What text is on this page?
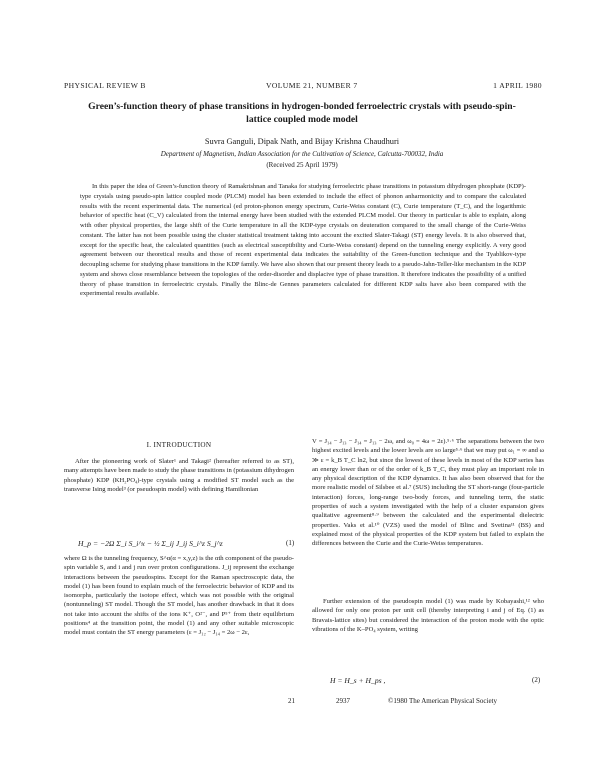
PHYSICAL REVIEW B	VOLUME 21, NUMBER 7	1 APRIL 1980
Green’s-function theory of phase transitions in hydrogen-bonded ferroelectric crystals with pseudo-spin-lattice coupled mode model
Suvra Ganguli, Dipak Nath, and Bijay Krishna Chaudhuri
Department of Magnetism, Indian Association for the Cultivation of Science, Calcutta-700032, India
(Received 25 April 1979)

In this paper the idea of Green’s-function theory of Ramakrishnan and Tanaka for studying ferroelectric phase transitions in potassium dihydrogen phosphate (KDP)-type crystals using pseudo-spin lattice coupled mode (PLCM) model has been extended to include the effect of phonon anharmonicity and to compare the calculated results with the recent experimental data. The numerical (ed proton-phonon energy spectrum, Curie-Weiss constant (C), Curie temperature (T_C), and the logarithmic behavior of specific heat (C_V) calculated from the internal energy have been studied with the extended PLCM model. Our theory in particular is able to explain, along with other physical properties, the large shift of the Curie temperature in all the KDP-type crystals on deuteration compared to the small change of the Curie-Weiss constant. The latter has not been possible using the cluster statistical treatment taking into account the excited Slater-Takagi (ST) energy levels. It is also observed that, except for the specific heat, the calculated quantities (such as electrical susceptibility and Curie-Weiss constant) depend on the tunneling energy explicitly. A very good agreement between our theoretical results and those of recent experimental data indicates the suitability of the Green-function technique and the Tyablikov-type decoupling scheme for studying phase transitions in the KDP family. We have also shown that our present theory leads to a pseudo-Jahn-Teller-like mechanism in the KDP system and shows close resemblance between the topologies of the order-disorder and displacive type of phase transition. It therefore indicates the possibility of a unified theory of phase transition in ferroelectric crystals. Finally the Blinc-de Gennes parameters calculated for different KDP salts have also been compared with the experimental results available.

I. INTRODUCTION

After the pioneering work of Slater¹ and Takagi² (hereafter referred to as ST), many attempts have been made to study the phase transitions in (potassium dihydrogen phosphate) KDP (KH₂PO₄)-type crystals using a modified ST model such as the transverse Ising model³ (or pseudospin model) with defining Hamiltonian

H_p = −2Ω Σ_i S_i^x − ½ Σ_ij J_ij S_i^z S_j^z	(1)

where Ω is the tunneling frequency, S^α(α = x,y,z) is the αth component of the pseudo-spin variable S, and i and j run over proton configurations. J_ij represent the exchange interactions between the pseudospins. Except for the Raman spectroscopic data, the model (1) has been found to explain much of the ferroelectric behavior of KDP and its isomorphs, particularly the isotope effect, which was not possible with the original (nontunneling) ST model. Though the ST model, has another drawback in that it does not take into account the shifts of the ions K⁺, O²⁻, and P⁵⁺ from their equilibrium positions⁴ at the transition point, the model (1) and any other suitable microscopic model must contain the ST energy parameters (ε = J₁₂ − J₁₄ = 2ω − 2ε,

V = J₁₄ − J₁₃ − J₁₄ = J₁₃ − 2ω, and ω₀ = 4ω = 2ε).⁵·⁶ The separations between the two highest excited levels and the lower levels are so large⁵·⁶ that we may put ω₁ = ∞ and ω ≫ ε = k_B T_C ln2, but since the lowest of these levels in most of the KDP series has an energy lower than or of the order of k_B T_C, they must play an important role in any physical description of the KDP dynamics. It has also been observed that for the more realistic model of Silsbee et al.⁷ (SUS) including the ST short-range (four-particle interaction) forces, long-range two-body forces, and tunneling term, the static properties of such a system investigated with the help of a cluster expansion gives qualitative agreement⁸·⁹ between the calculated and the experimental dielectric properties. Vaks et al.¹⁰ (VZS) used the model of Blinc and Svetina¹¹ (BS) and explained most of the physical properties of the KDP system but failed to explain the differences between the Curie and the Curie-Weiss temperatures.

Further extension of the pseudospin model (1) was made by Kobayashi,¹² who allowed for only one proton per unit cell (thereby interpreting i and j of Eq. (1) as Bravais-lattice sites) but considered the interaction of the proton mode with the optic vibrations of the K–PO₄ system, writing

H = H_s + H_ps ,	(2)
21	2937	©1980 The American Physical Society
